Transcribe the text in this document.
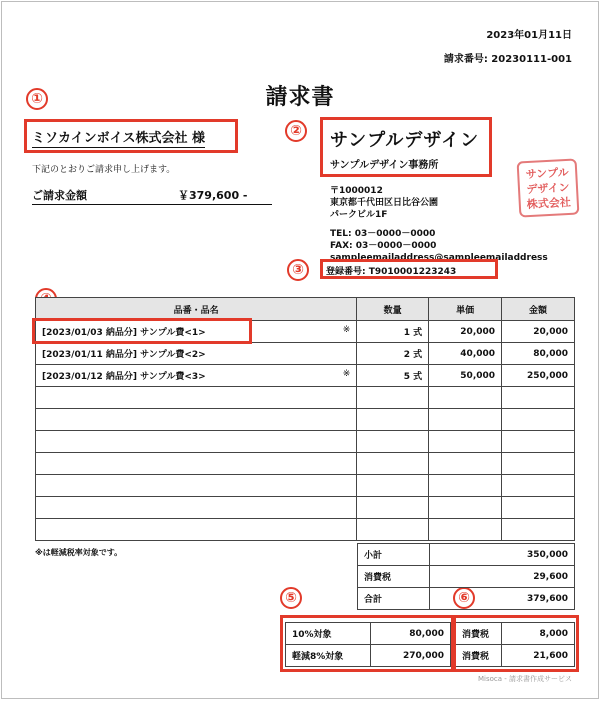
2023年01月11日
請求番号: 20230111-001
請求書
①
②
③
⑤	⑥
ミソカインボイス株式会社 様
下記のとおりご請求申し上げます。
ご請求金額	￥379,600 -
サンプルデザイン
サンプルデザイン事務所	サンプル
デザイン
株式会社
〒1000012
東京都千代田区日比谷公園
パークビル1F
TEL: 03－0000－0000
FAX: 03－0000－0000
sampleemailaddress@sampleemailaddress
登録番号: T9010001223243
品番・品名	数量	単価	金額
[2023/01/03 納品分] サンプル費<1> ※	1 式	20,000	20,000
[2023/01/11 納品分] サンプル費<2>	2 式	40,000	80,000
[2023/01/12 納品分] サンプル費<3> ※	5 式	50,000	250,000

※は軽減税率対象です。	小計	350,000
消費税	29,600
合計	379,600
10%対象	80,000
軽減8%対象	270,000
消費税	8,000
消費税	21,600
Misoca - 請求書作成サービス
